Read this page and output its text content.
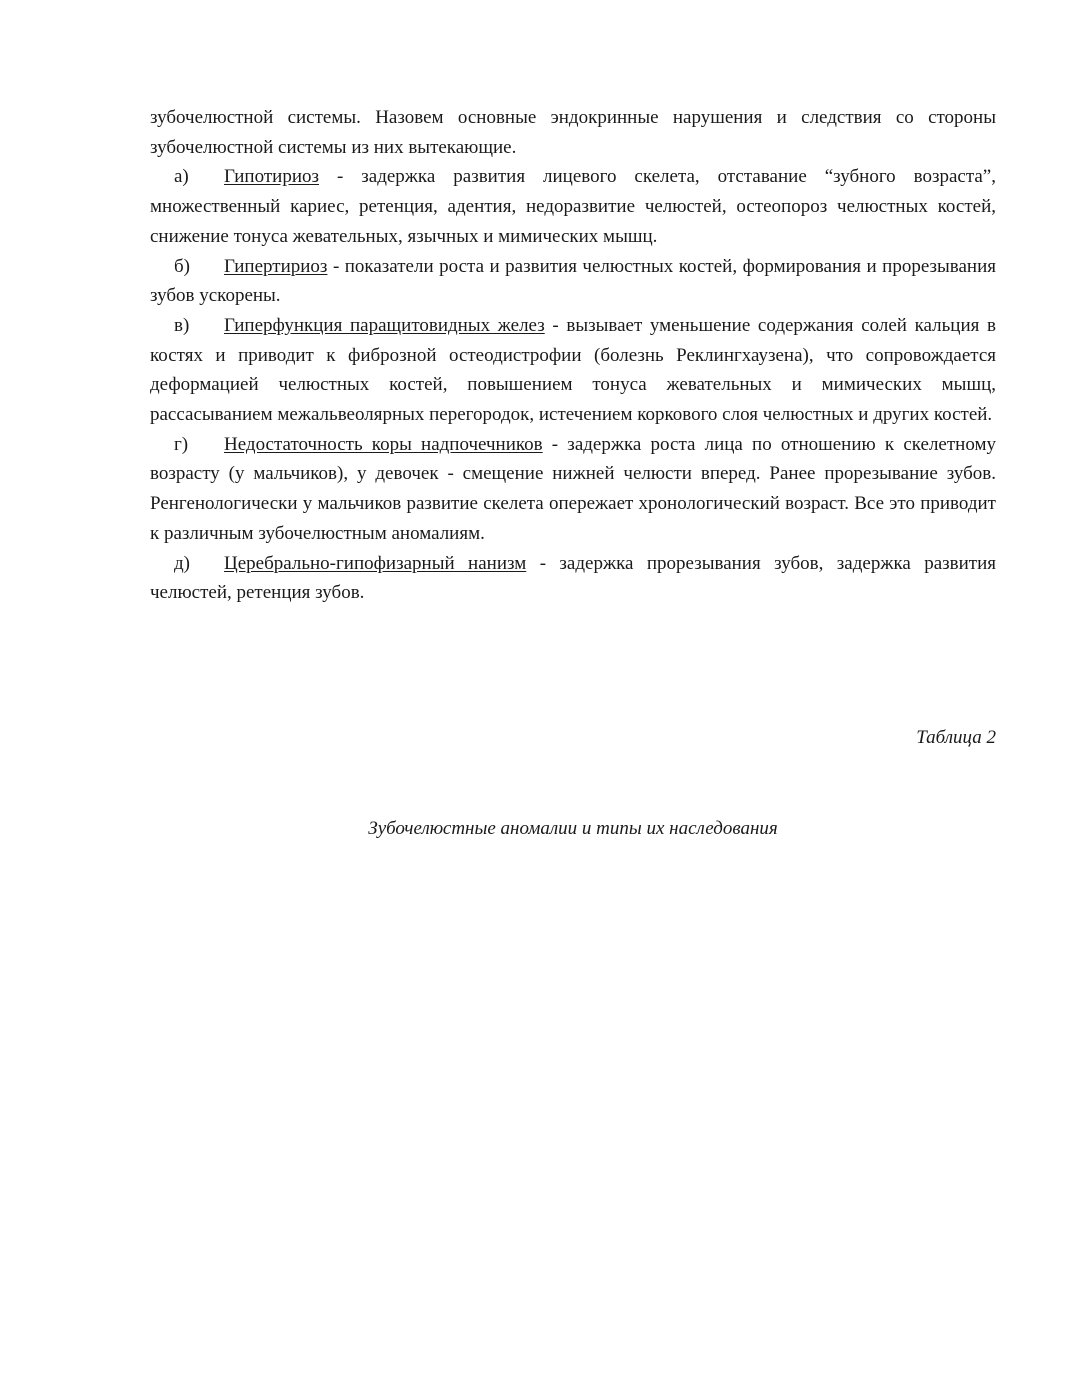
зубочелюстной системы. Назовем основные эндокринные нарушения и следствия со стороны зубочелюстной системы из них вытекающие.

а) Гипотириоз - задержка развития лицевого скелета, отставание “зубного возраста”, множественный кариес, ретенция, адентия, недоразвитие челюстей, остеопороз челюстных костей, снижение тонуса жевательных, язычных и мимических мышц.

б) Гипертириоз - показатели роста и развития челюстных костей, формирования и прорезывания зубов ускорены.

в) Гиперфункция паращитовидных желез - вызывает уменьшение содержания солей кальция в костях и приводит к фиброзной остеодистрофии (болезнь Реклингхаузена), что сопровождается деформацией челюстных костей, повышением тонуса жевательных и мимических мышц, рассасыванием межальвеолярных перегородок, истечением коркового слоя челюстных и других костей.

г) Недостаточность коры надпочечников - задержка роста лица по отношению к скелетному возрасту (у мальчиков), у девочек - смещение нижней челюсти вперед. Ранее прорезывание зубов. Ренгенологически у мальчиков развитие скелета опережает хронологический возраст. Все это приводит к различным зубочелюстным аномалиям.

д) Церебрально-гипофизарный нанизм - задержка прорезывания зубов, задержка развития челюстей, ретенция зубов.

Таблица 2
Зубочелюстные аномалии и типы их наследования
